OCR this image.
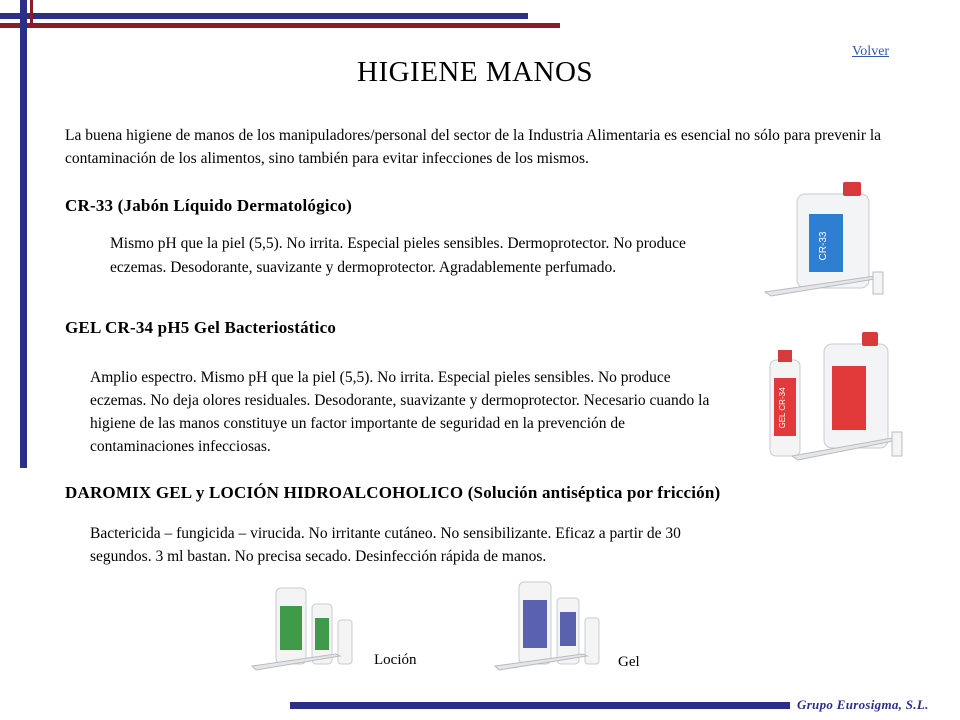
Volver
HIGIENE MANOS
La buena higiene de manos de los manipuladores/personal del sector de la Industria Alimentaria es esencial no sólo para prevenir la contaminación de los alimentos, sino también para evitar infecciones de los mismos.
CR-33 (Jabón Líquido Dermatológico)
Mismo pH que la piel (5,5). No irrita. Especial pieles sensibles. Dermoprotector. No produce eczemas. Desodorante, suavizante y dermoprotector. Agradablemente perfumado.
CR-33
GEL CR-34 pH5 Gel Bacteriostático
Amplio espectro. Mismo pH que la piel (5,5). No irrita. Especial pieles sensibles. No produce eczemas. No deja olores residuales. Desodorante, suavizante y dermoprotector. Necesario cuando la higiene de las manos constituye un factor importante de seguridad en la prevención de contaminaciones infecciosas.
GEL CR-34
DAROMIX GEL y LOCIÓN HIDROALCOHOLICO (Solución antiséptica por fricción)
Bactericida – fungicida – virucida. No irritante cutáneo. No sensibilizante. Eficaz a partir de 30 segundos. 3 ml bastan. No precisa secado. Desinfección rápida de manos.
Loción	Gel
Grupo Eurosigma, S.L.
